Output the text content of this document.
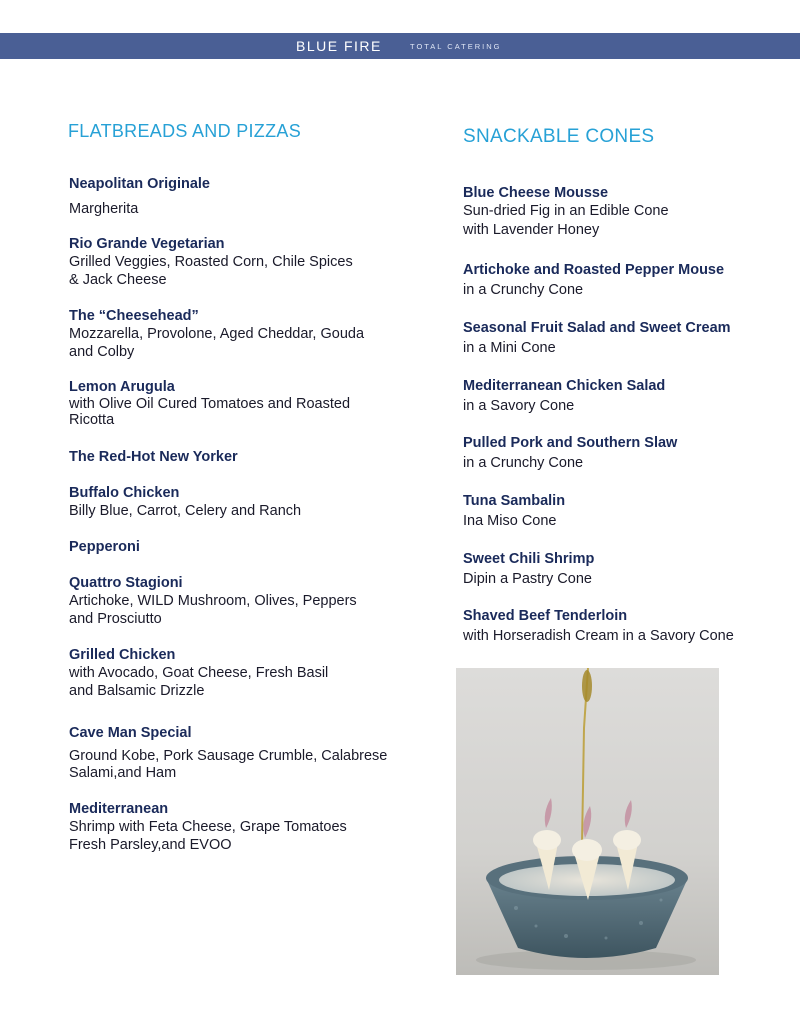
BLUE FIRE	TOTAL CATERING
FLATBREADS AND PIZZAS	SNACKABLE CONES
Neapolitan Originale
Margherita
Rio Grande Vegetarian
Grilled Veggies, Roasted Corn, Chile Spices
& Jack Cheese
The “Cheesehead”
Mozzarella, Provolone, Aged Cheddar, Gouda
and Colby
Lemon Arugula
with Olive Oil Cured Tomatoes and Roasted
Ricotta
The Red-Hot New Yorker
Buffalo Chicken
Billy Blue, Carrot, Celery and Ranch
Pepperoni
Quattro Stagioni
Artichoke, WILD Mushroom, Olives, Peppers
and Prosciutto
Grilled Chicken
with Avocado, Goat Cheese, Fresh Basil
and Balsamic Drizzle
Cave Man Special
Ground Kobe, Pork Sausage Crumble, Calabrese
Salami,and Ham
Mediterranean
Shrimp with Feta Cheese, Grape Tomatoes
Fresh Parsley,and EVOO
Blue Cheese Mousse
Sun-dried Fig in an Edible Cone
with Lavender Honey
Artichoke and Roasted Pepper Mouse
in a Crunchy Cone
Seasonal Fruit Salad and Sweet Cream
in a Mini Cone
Mediterranean Chicken Salad
in a Savory Cone
Pulled Pork and Southern Slaw
in a Crunchy Cone
Tuna Sambalin
Ina Miso Cone
Sweet Chili Shrimp
Dipin a Pastry Cone
Shaved Beef Tenderloin
with Horseradish Cream in a Savory Cone
